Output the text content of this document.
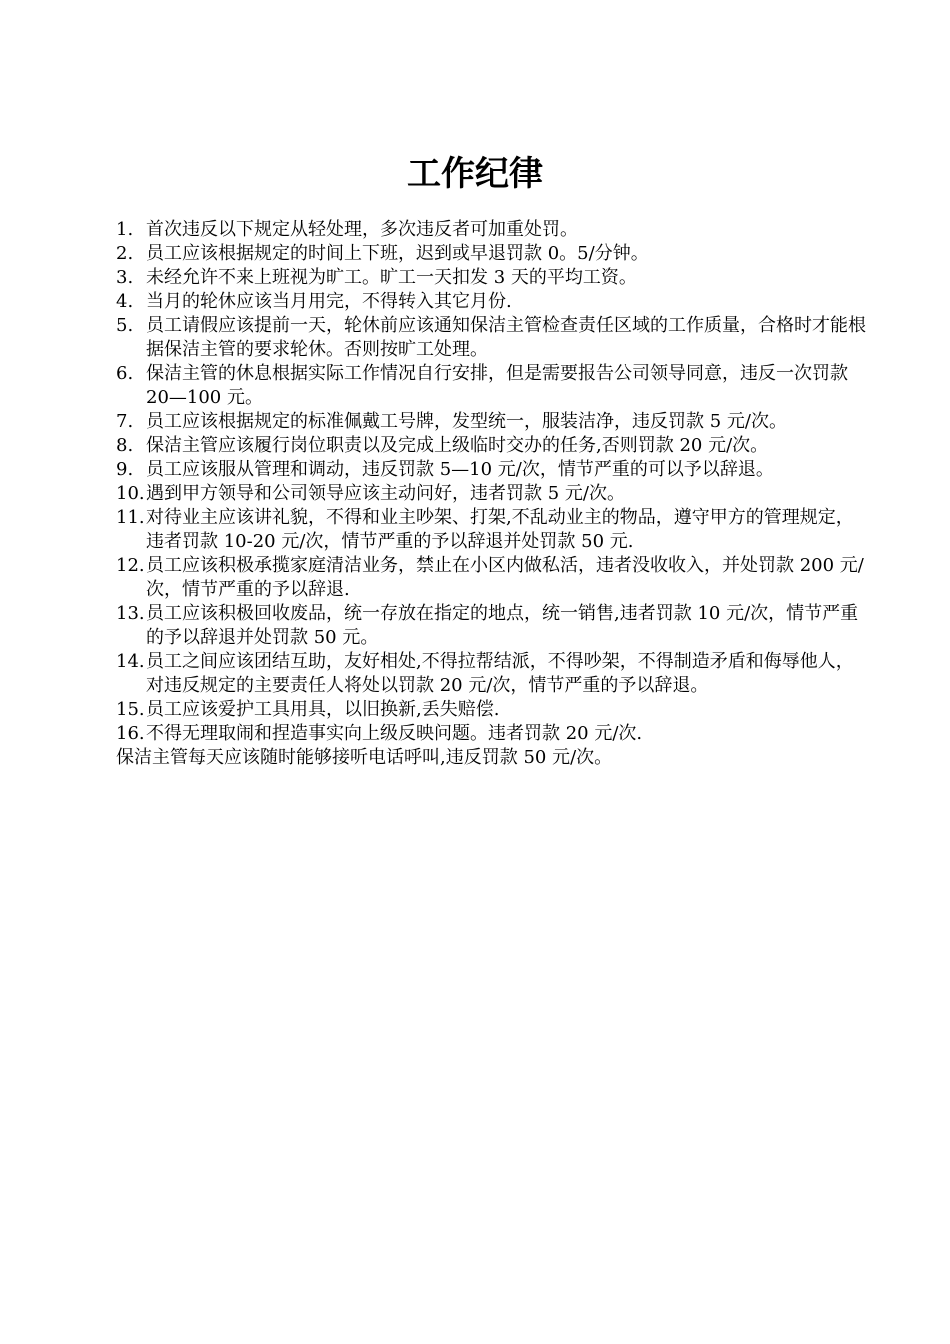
工作纪律
1. 首次违反以下规定从轻处理，多次违反者可加重处罚。
2. 员工应该根据规定的时间上下班，迟到或早退罚款 0。5/分钟。
3. 未经允许不来上班视为旷工。旷工一天扣发 3 天的平均工资。
4. 当月的轮休应该当月用完，不得转入其它月份.
5. 员工请假应该提前一天，轮休前应该通知保洁主管检查责任区域的工作质量，合格时才能根据保洁主管的要求轮休。否则按旷工处理。
6. 保洁主管的休息根据实际工作情况自行安排，但是需要报告公司领导同意，违反一次罚款 20—100 元。
7. 员工应该根据规定的标准佩戴工号牌，发型统一，服装洁净，违反罚款 5 元/次。
8. 保洁主管应该履行岗位职责以及完成上级临时交办的任务,否则罚款 20 元/次。
9. 员工应该服从管理和调动，违反罚款 5—10 元/次，情节严重的可以予以辞退。
10. 遇到甲方领导和公司领导应该主动问好，违者罚款 5 元/次。
11. 对待业主应该讲礼貌，不得和业主吵架、打架,不乱动业主的物品，遵守甲方的管理规定，违者罚款 10-20 元/次，情节严重的予以辞退并处罚款 50 元.
12. 员工应该积极承揽家庭清洁业务，禁止在小区内做私活，违者没收收入，并处罚款 200 元/次，情节严重的予以辞退.
13. 员工应该积极回收废品，统一存放在指定的地点，统一销售,违者罚款 10 元/次，情节严重的予以辞退并处罚款 50 元。
14. 员工之间应该团结互助，友好相处,不得拉帮结派，不得吵架，不得制造矛盾和侮辱他人，对违反规定的主要责任人将处以罚款 20 元/次，情节严重的予以辞退。
15. 员工应该爱护工具用具，以旧换新,丢失赔偿.
16. 不得无理取闹和捏造事实向上级反映问题。违者罚款 20 元/次.

保洁主管每天应该随时能够接听电话呼叫,违反罚款 50 元/次。
